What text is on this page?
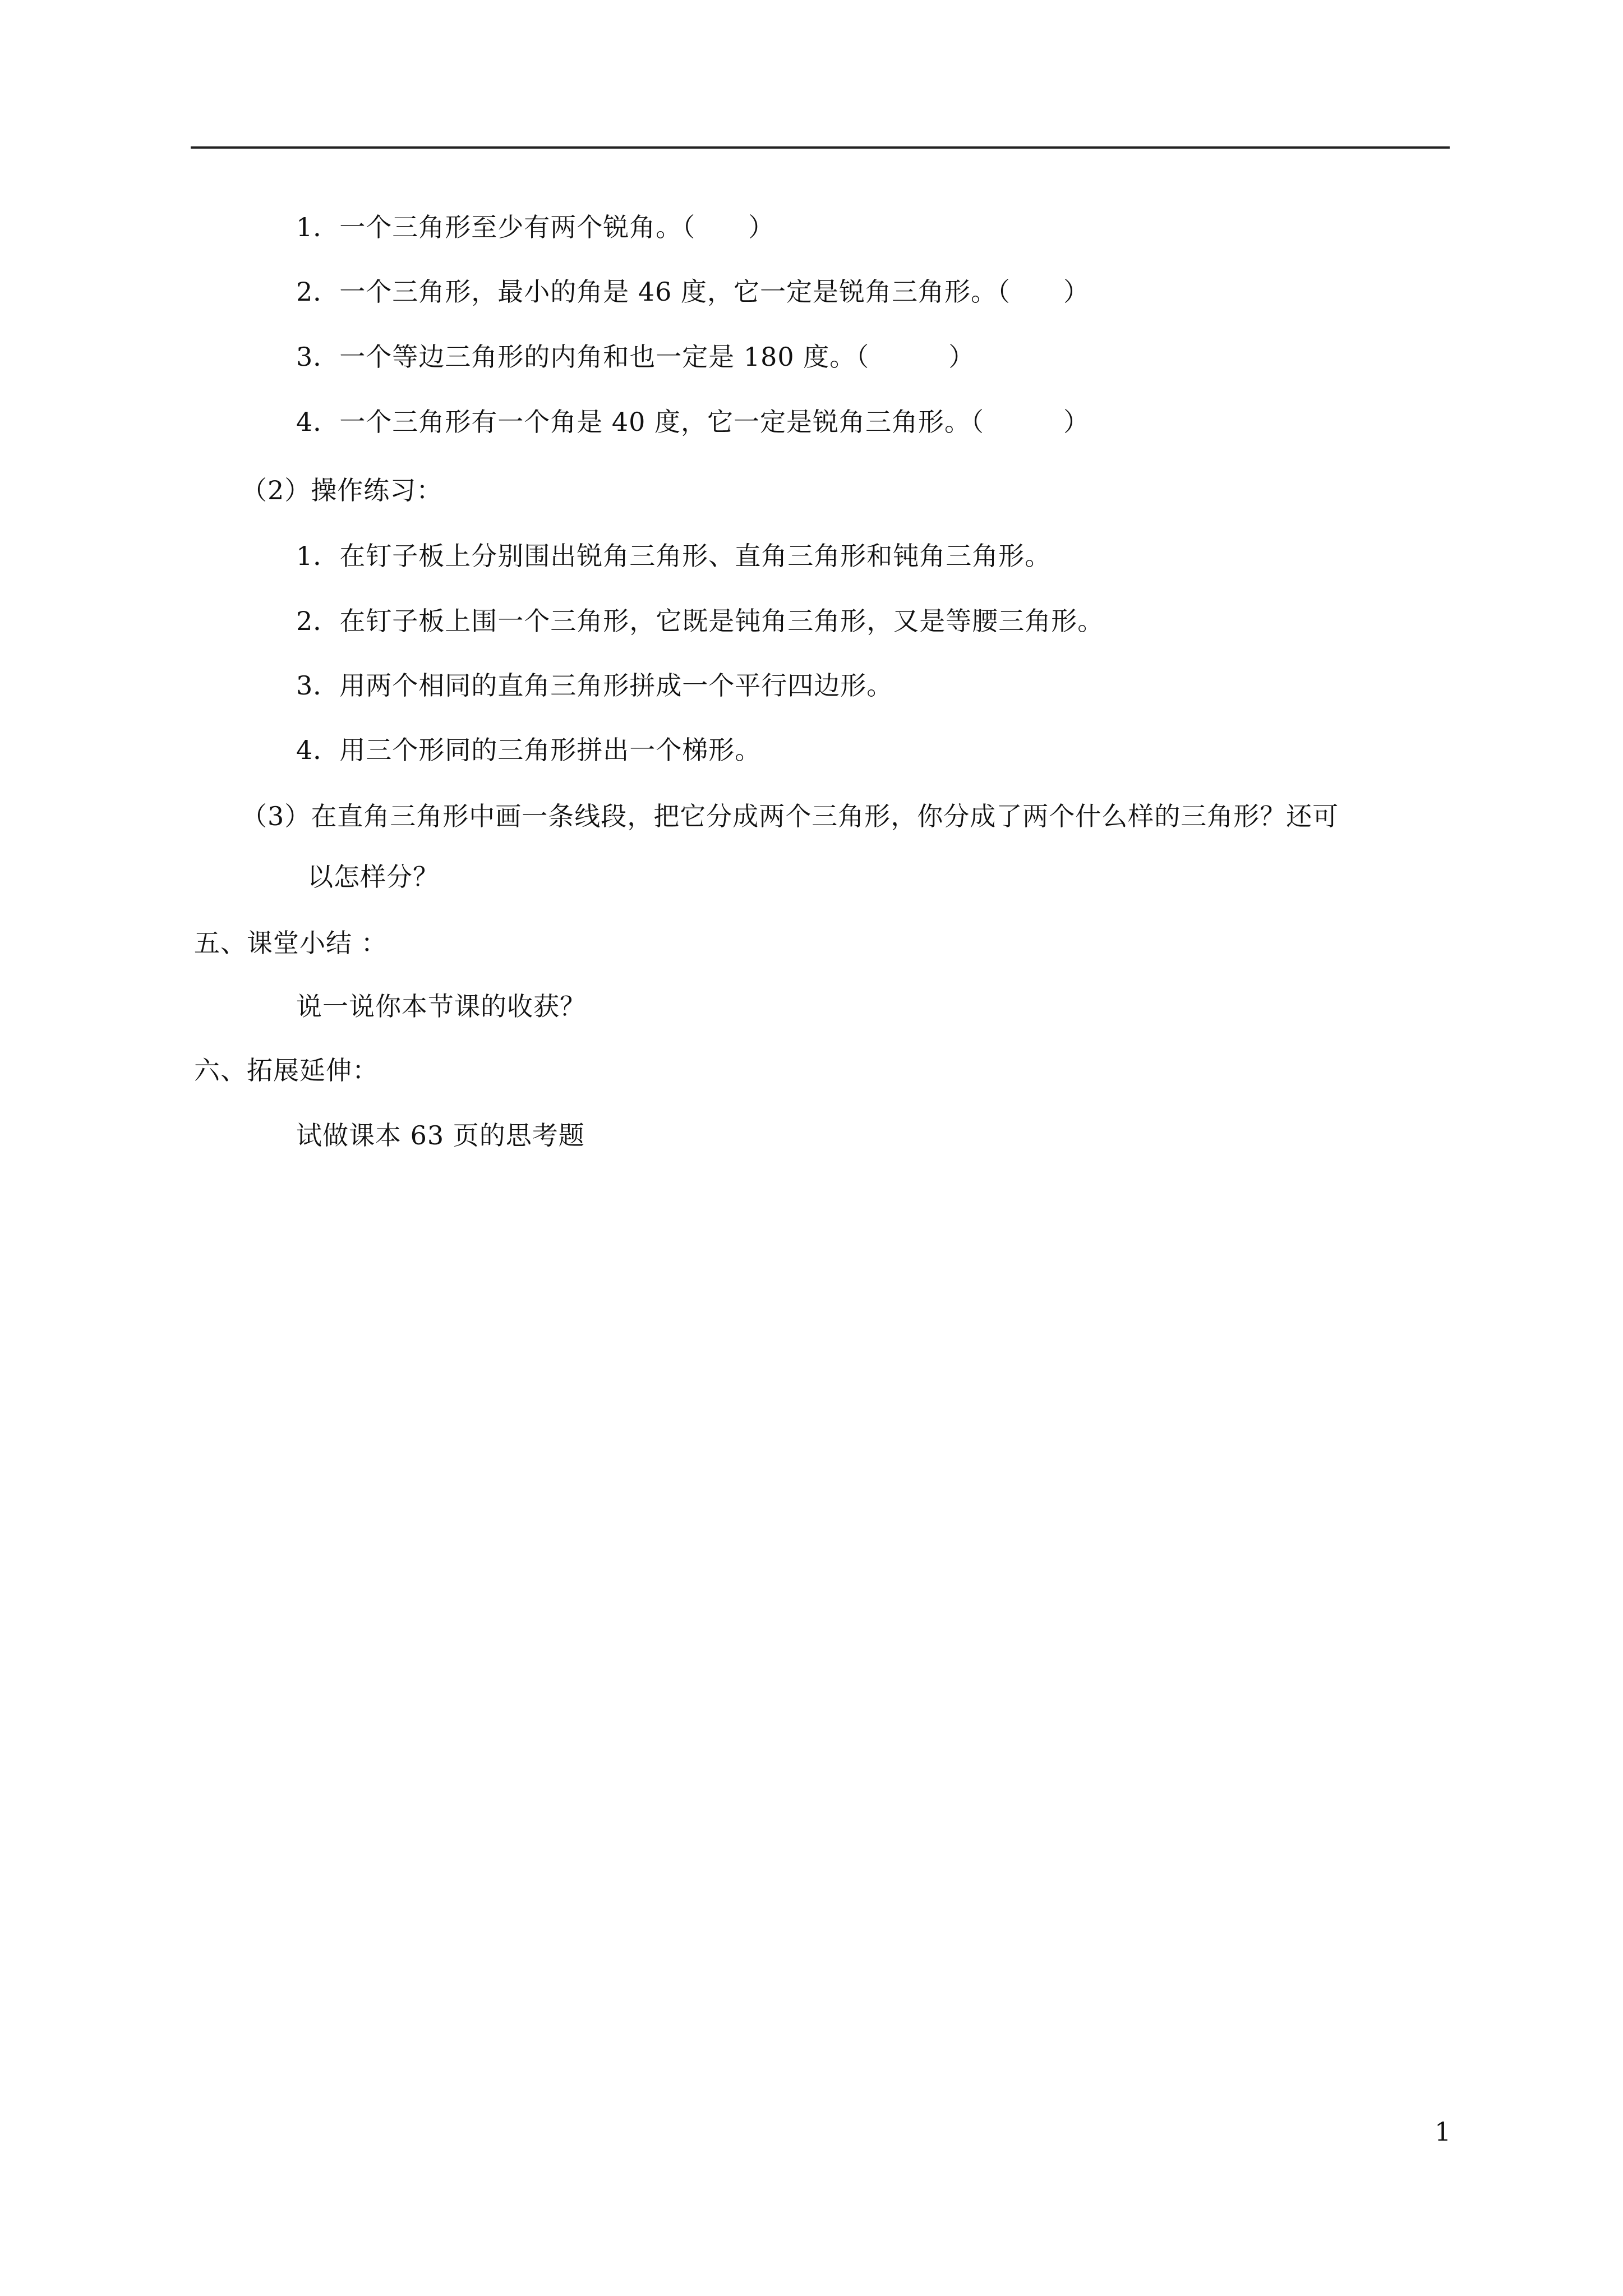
1．一个三角形至少有两个锐角。（　　）
2．一个三角形，最小的角是 46 度，它一定是锐角三角形。（　　）
3．一个等边三角形的内角和也一定是 180 度。（　　　）
4．一个三角形有一个角是 40 度，它一定是锐角三角形。（　　　）
（2）操作练习：
1．在钉子板上分别围出锐角三角形、直角三角形和钝角三角形。
2．在钉子板上围一个三角形，它既是钝角三角形，又是等腰三角形。
3．用两个相同的直角三角形拼成一个平行四边形。
4．用三个形同的三角形拼出一个梯形。
（3）在直角三角形中画一条线段，把它分成两个三角形，你分成了两个什么样的三角形？还可
以怎样分？
五、课堂小结 ：
说一说你本节课的收获？
六、拓展延伸：
试做课本 63 页的思考题
1
